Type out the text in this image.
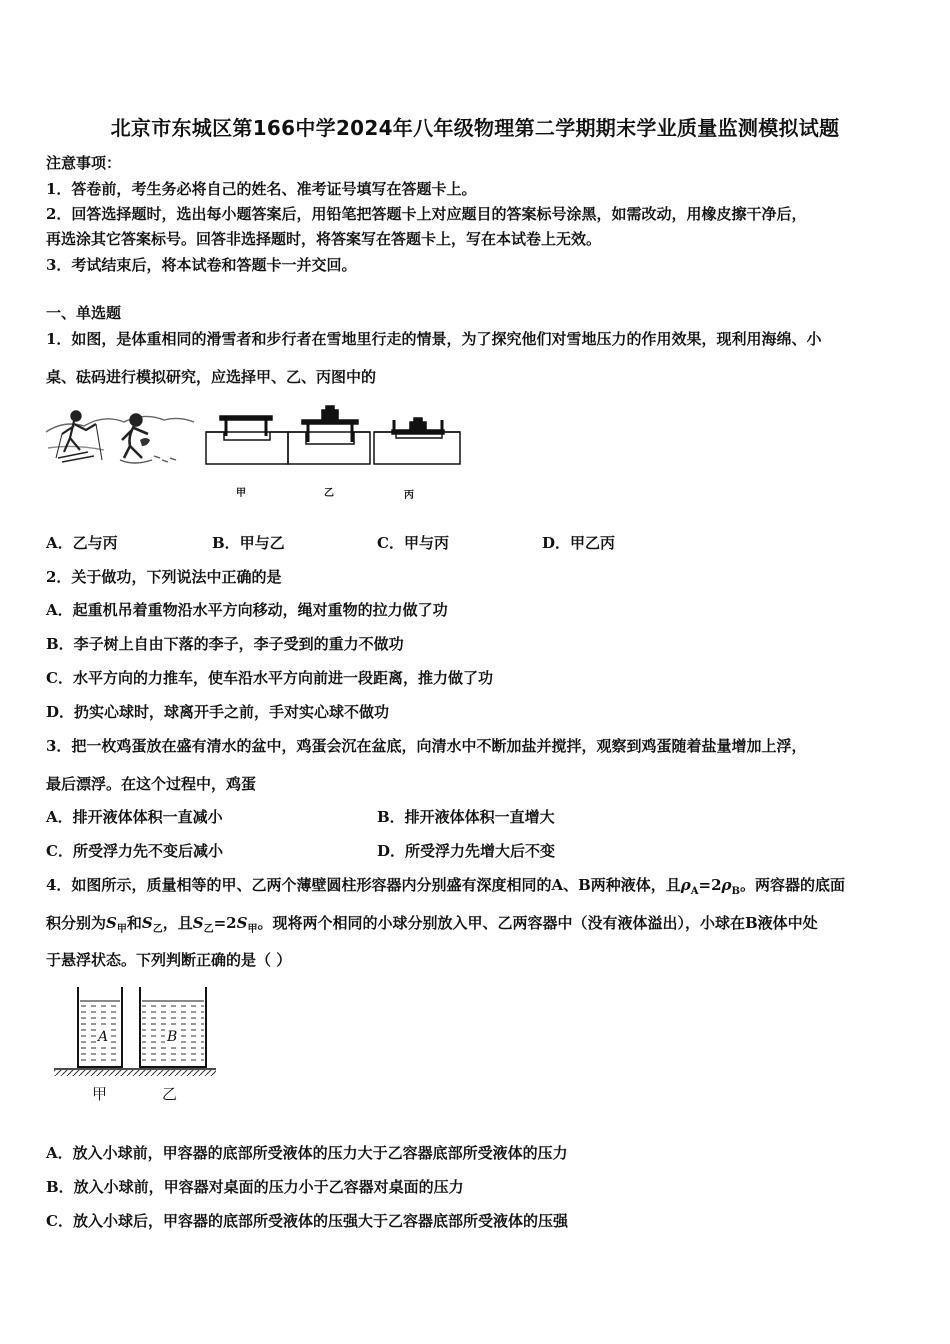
北京市东城区第166中学2024年八年级物理第二学期期末学业质量监测模拟试题
注意事项：
1．答卷前，考生务必将自己的姓名、准考证号填写在答题卡上。
2．回答选择题时，选出每小题答案后，用铅笔把答题卡上对应题目的答案标号涂黑，如需改动，用橡皮擦干净后，
再选涂其它答案标号。回答非选择题时，将答案写在答题卡上，写在本试卷上无效。
3．考试结束后，将本试卷和答题卡一并交回。
一、单选题
1．如图，是体重相同的滑雪者和步行者在雪地里行走的情景，为了探究他们对雪地压力的作用效果，现利用海绵、小
桌、砝码进行模拟研究，应选择甲、乙、丙图中的
甲	乙	丙
A．乙与丙	B．甲与乙	C．甲与丙	D．甲乙丙
2．关于做功，下列说法中正确的是
A．起重机吊着重物沿水平方向移动，绳对重物的拉力做了功
B．李子树上自由下落的李子，李子受到的重力不做功
C．水平方向的力推车，使车沿水平方向前进一段距离，推力做了功
D．扔实心球时，球离开手之前，手对实心球不做功
3．把一枚鸡蛋放在盛有清水的盆中，鸡蛋会沉在盆底，向清水中不断加盐并搅拌，观察到鸡蛋随着盐量增加上浮，
最后漂浮。在这个过程中，鸡蛋
A．排开液体体积一直减小	B．排开液体体积一直增大
C．所受浮力先不变后减小	D．所受浮力先增大后不变
4．如图所示，质量相等的甲、乙两个薄壁圆柱形容器内分别盛有深度相同的A、B两种液体，且$\rho_A=2\rho_B$。两容器的底面
积分别为$S_甲$和$S_乙$，且$S_乙=2S_甲$。现将两个相同的小球分别放入甲、乙两容器中（没有液体溢出），小球在B液体中处
于悬浮状态。下列判断正确的是（ ）
A	B
甲	乙
A．放入小球前，甲容器的底部所受液体的压力大于乙容器底部所受液体的压力
B．放入小球前，甲容器对桌面的压力小于乙容器对桌面的压力
C．放入小球后，甲容器的底部所受液体的压强大于乙容器底部所受液体的压强
